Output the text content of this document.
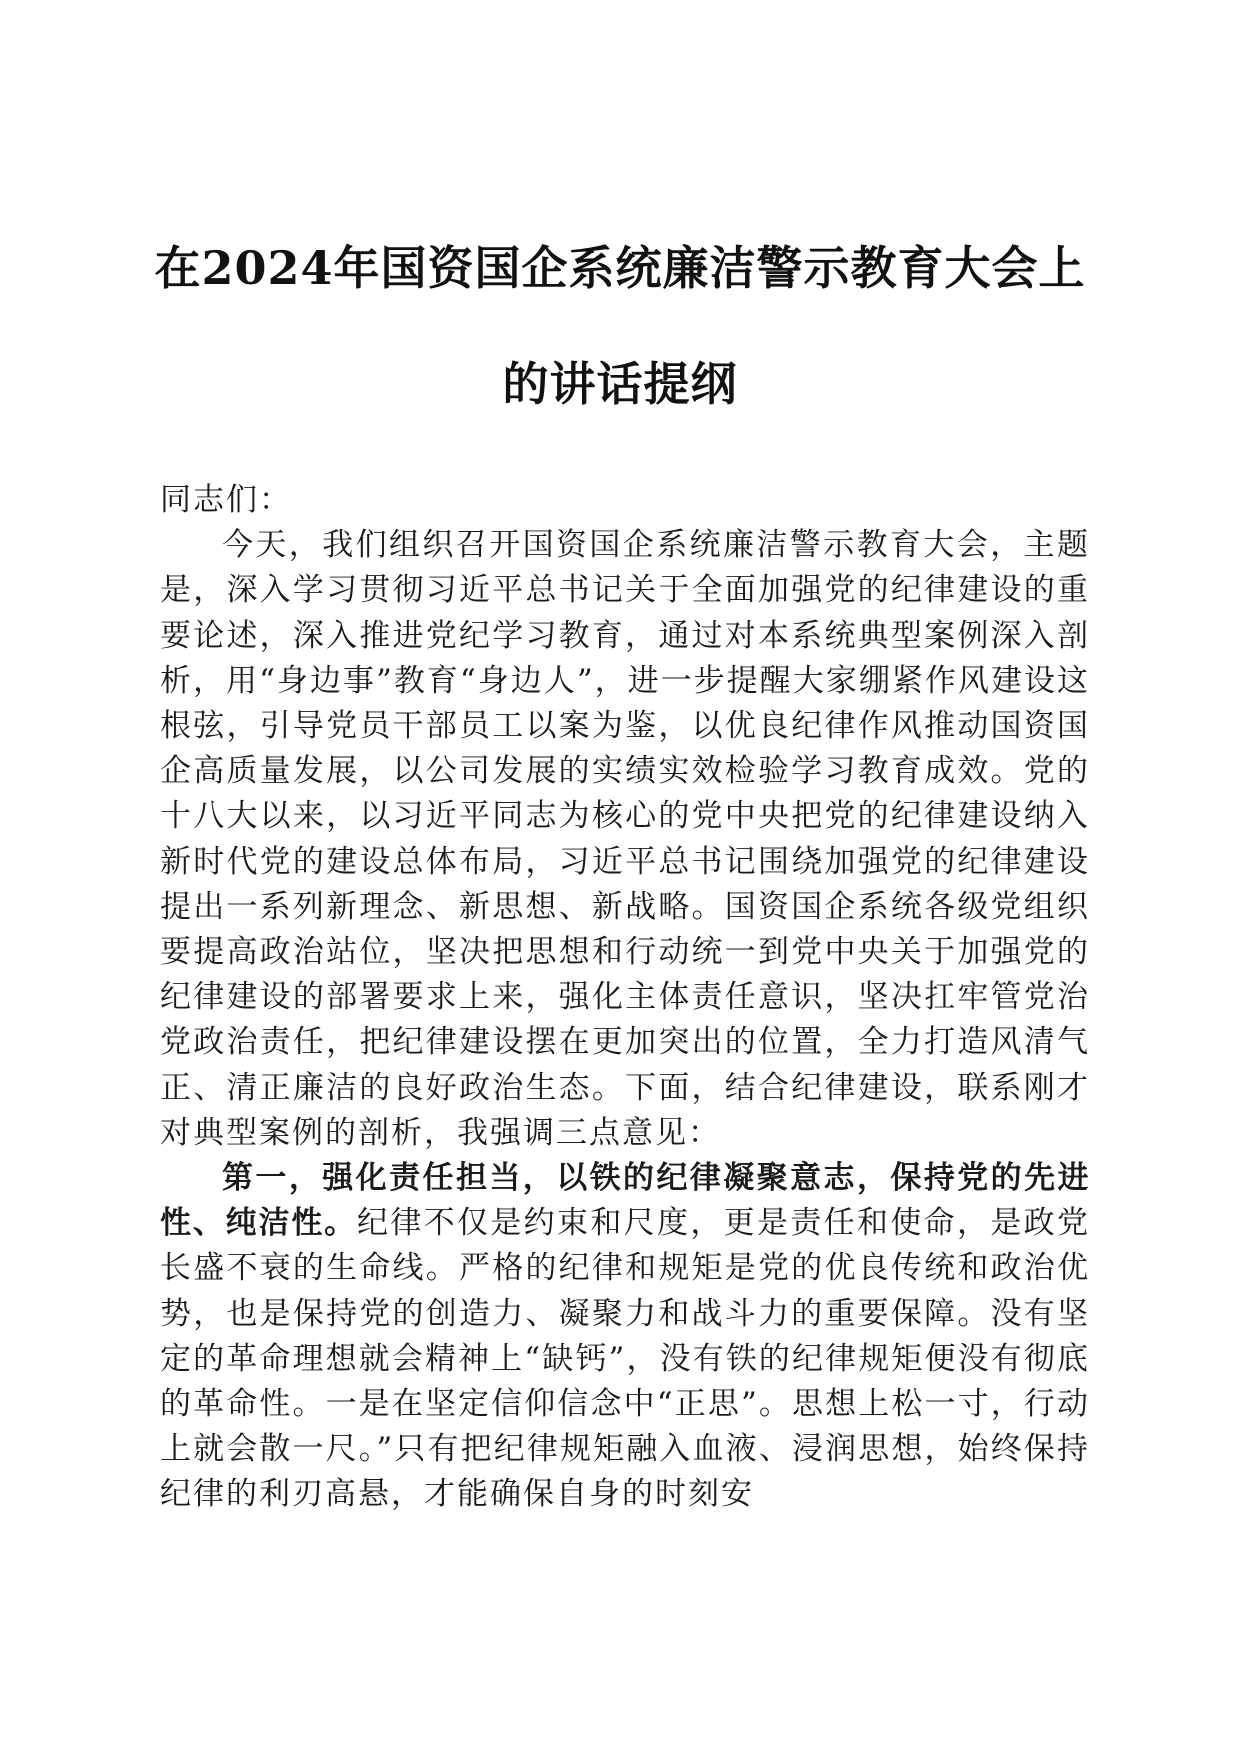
在2024年国资国企系统廉洁警示教育大会上
的讲话提纲

同志们：

今天，我们组织召开国资国企系统廉洁警示教育大会，主题是，深入学习贯彻习近平总书记关于全面加强党的纪律建设的重要论述，深入推进党纪学习教育，通过对本系统典型案例深入剖析，用“身边事”教育“身边人”，进一步提醒大家绷紧作风建设这根弦，引导党员干部员工以案为鉴，以优良纪律作风推动国资国企高质量发展，以公司发展的实绩实效检验学习教育成效。党的十八大以来，以习近平同志为核心的党中央把党的纪律建设纳入新时代党的建设总体布局，习近平总书记围绕加强党的纪律建设提出一系列新理念、新思想、新战略。国资国企系统各级党组织要提高政治站位，坚决把思想和行动统一到党中央关于加强党的纪律建设的部署要求上来，强化主体责任意识，坚决扛牢管党治党政治责任，把纪律建设摆在更加突出的位置，全力打造风清气正、清正廉洁的良好政治生态。下面，结合纪律建设，联系刚才对典型案例的剖析，我强调三点意见：

第一，强化责任担当，以铁的纪律凝聚意志，保持党的先进性、纯洁性。纪律不仅是约束和尺度，更是责任和使命，是政党长盛不衰的生命线。严格的纪律和规矩是党的优良传统和政治优势，也是保持党的创造力、凝聚力和战斗力的重要保障。没有坚定的革命理想就会精神上“缺钙”，没有铁的纪律规矩便没有彻底的革命性。一是在坚定信仰信念中“正思”。思想上松一寸，行动上就会散一尺。”只有把纪律规矩融入血液、浸润思想，始终保持纪律的利刃高悬，才能确保自身的时刻安
